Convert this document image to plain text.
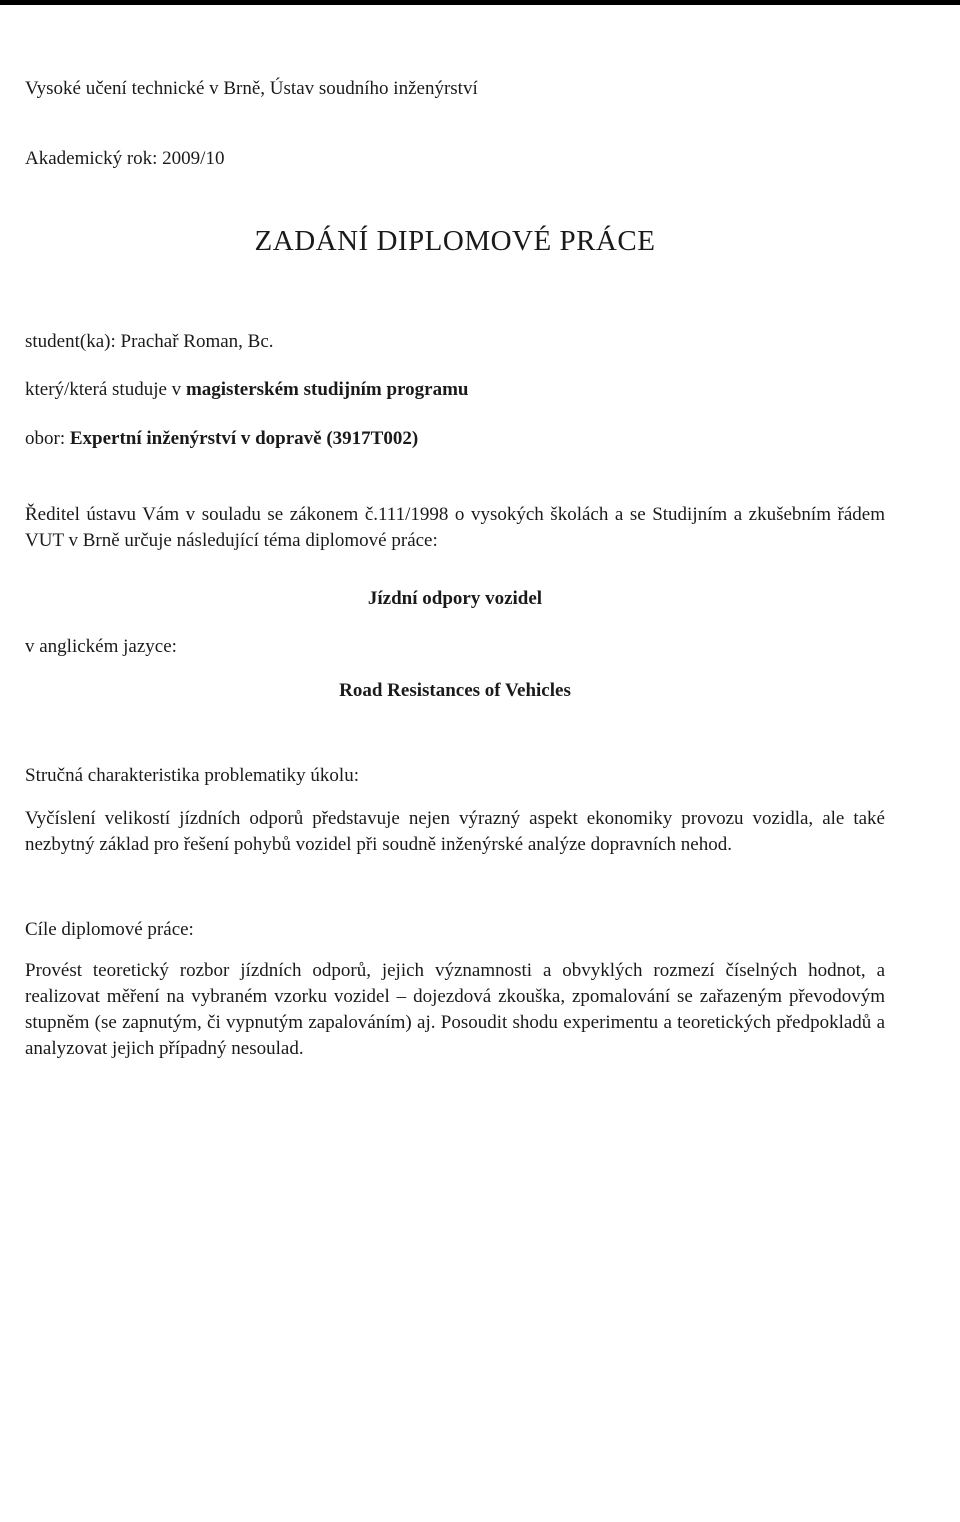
Vysoké učení technické v Brně, Ústav soudního inženýrství
Akademický rok: 2009/10
ZADÁNÍ DIPLOMOVÉ PRÁCE
student(ka): Prachař Roman, Bc.
který/která studuje v magisterském studijním programu
obor: Expertní inženýrství v dopravě (3917T002)
Ředitel ústavu Vám v souladu se zákonem č.111/1998 o vysokých školách a se Studijním a zkušebním řádem VUT v Brně určuje následující téma diplomové práce:
Jízdní odpory vozidel
v anglickém jazyce:
Road Resistances of Vehicles
Stručná charakteristika problematiky úkolu:
Vyčíslení velikostí jízdních odporů představuje nejen výrazný aspekt ekonomiky provozu vozidla, ale také nezbytný základ pro řešení pohybů vozidel při soudně inženýrské analýze dopravních nehod.
Cíle diplomové práce:
Provést teoretický rozbor jízdních odporů, jejich významnosti a obvyklých rozmezí číselných hodnot, a realizovat měření na vybraném vzorku vozidel – dojezdová zkouška, zpomalování se zařazeným převodovým stupněm (se zapnutým, či vypnutým zapalováním) aj. Posoudit shodu experimentu a teoretických předpokladů a analyzovat jejich případný nesoulad.
